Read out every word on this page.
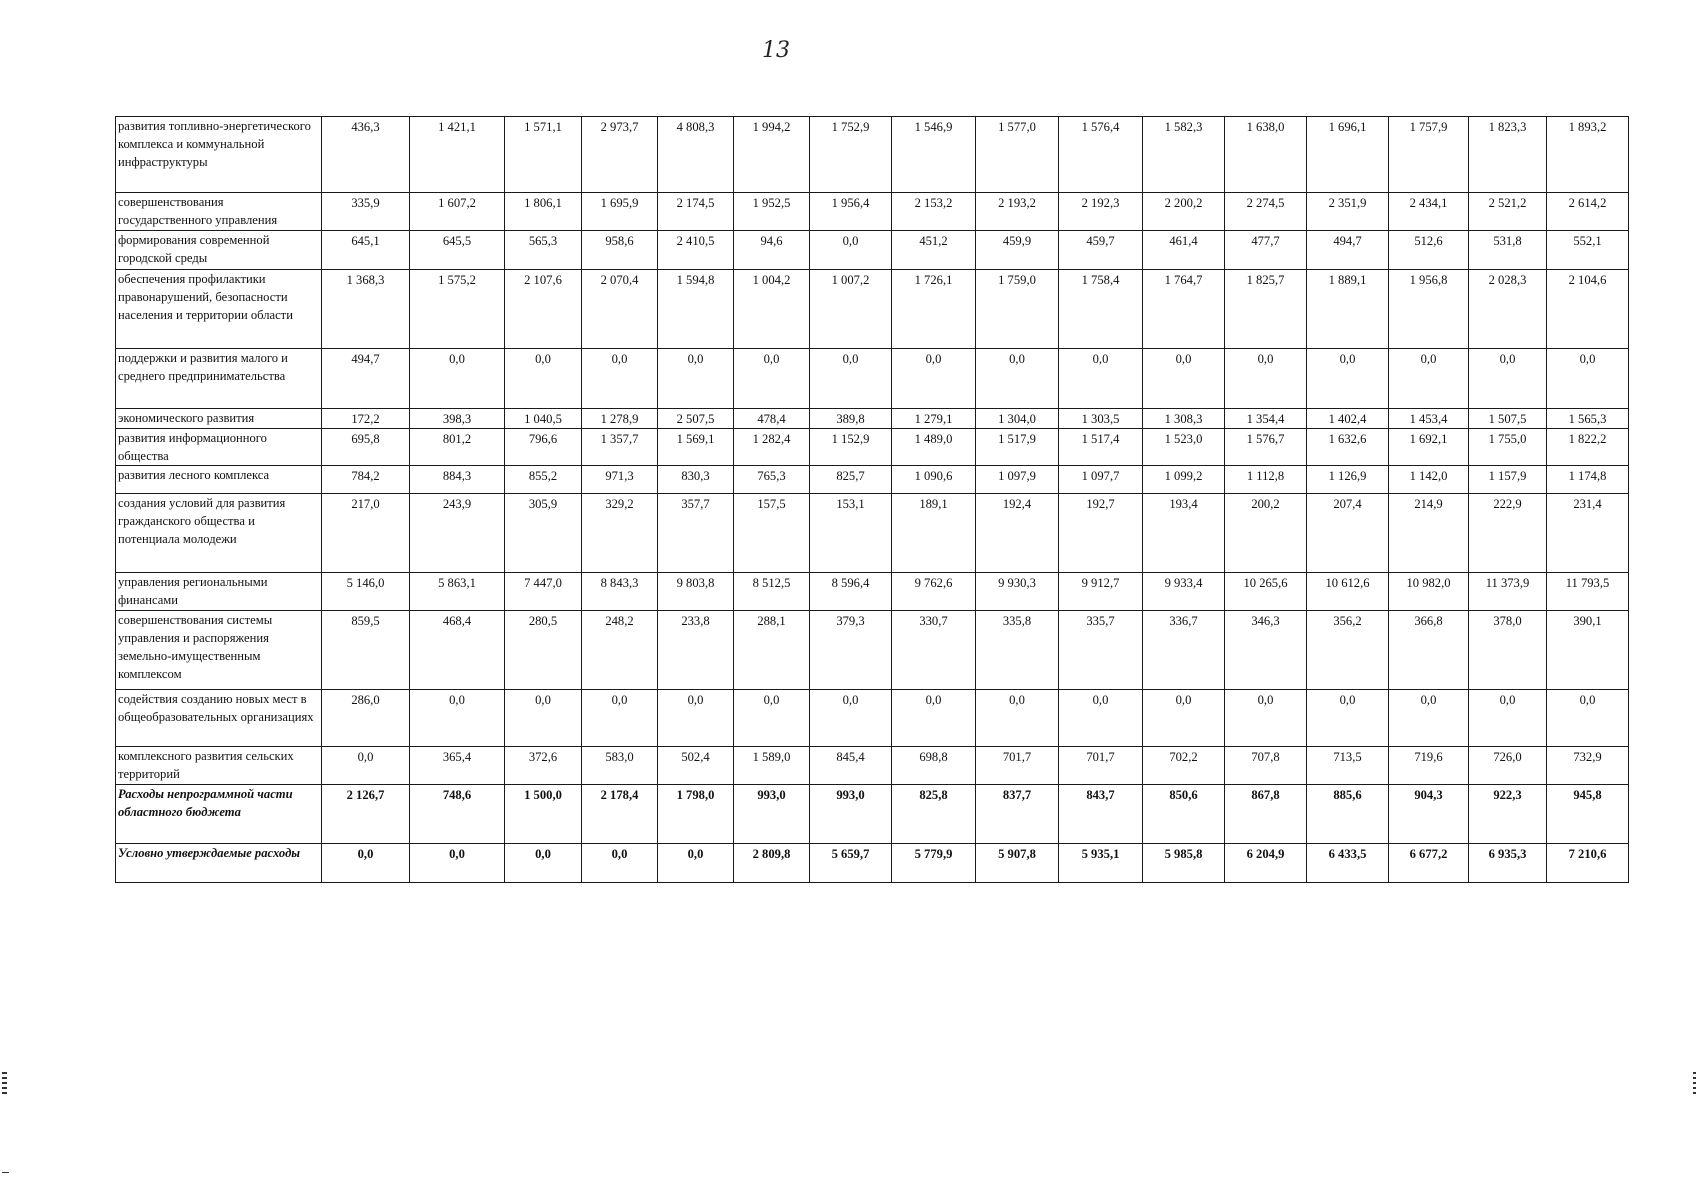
13
развития топливно-энергетического комплекса и коммунальной инфраструктуры	436,3	1 421,1	1 571,1	2 973,7	4 808,3	1 994,2	1 752,9	1 546,9	1 577,0	1 576,4	1 582,3	1 638,0	1 696,1	1 757,9	1 823,3	1 893,2
совершенствования государственного управления	335,9	1 607,2	1 806,1	1 695,9	2 174,5	1 952,5	1 956,4	2 153,2	2 193,2	2 192,3	2 200,2	2 274,5	2 351,9	2 434,1	2 521,2	2 614,2
формирования современной городской среды	645,1	645,5	565,3	958,6	2 410,5	94,6	0,0	451,2	459,9	459,7	461,4	477,7	494,7	512,6	531,8	552,1
обеспечения профилактики правонарушений, безопасности населения и территории области	1 368,3	1 575,2	2 107,6	2 070,4	1 594,8	1 004,2	1 007,2	1 726,1	1 759,0	1 758,4	1 764,7	1 825,7	1 889,1	1 956,8	2 028,3	2 104,6
поддержки и развития малого и среднего предпринимательства	494,7	0,0	0,0	0,0	0,0	0,0	0,0	0,0	0,0	0,0	0,0	0,0	0,0	0,0	0,0	0,0
экономического развития	172,2	398,3	1 040,5	1 278,9	2 507,5	478,4	389,8	1 279,1	1 304,0	1 303,5	1 308,3	1 354,4	1 402,4	1 453,4	1 507,5	1 565,3
развития информационного общества	695,8	801,2	796,6	1 357,7	1 569,1	1 282,4	1 152,9	1 489,0	1 517,9	1 517,4	1 523,0	1 576,7	1 632,6	1 692,1	1 755,0	1 822,2
развития лесного комплекса	784,2	884,3	855,2	971,3	830,3	765,3	825,7	1 090,6	1 097,9	1 097,7	1 099,2	1 112,8	1 126,9	1 142,0	1 157,9	1 174,8
создания условий для развития гражданского общества и потенциала молодежи	217,0	243,9	305,9	329,2	357,7	157,5	153,1	189,1	192,4	192,7	193,4	200,2	207,4	214,9	222,9	231,4
управления региональными финансами	5 146,0	5 863,1	7 447,0	8 843,3	9 803,8	8 512,5	8 596,4	9 762,6	9 930,3	9 912,7	9 933,4	10 265,6	10 612,6	10 982,0	11 373,9	11 793,5
совершенствования системы управления и распоряжения земельно-имущественным комплексом	859,5	468,4	280,5	248,2	233,8	288,1	379,3	330,7	335,8	335,7	336,7	346,3	356,2	366,8	378,0	390,1
содействия созданию новых мест в общеобразовательных организациях	286,0	0,0	0,0	0,0	0,0	0,0	0,0	0,0	0,0	0,0	0,0	0,0	0,0	0,0	0,0	0,0
комплексного развития сельских территорий	0,0	365,4	372,6	583,0	502,4	1 589,0	845,4	698,8	701,7	701,7	702,2	707,8	713,5	719,6	726,0	732,9
Расходы непрограммной части областного бюджета	2 126,7	748,6	1 500,0	2 178,4	1 798,0	993,0	993,0	825,8	837,7	843,7	850,6	867,8	885,6	904,3	922,3	945,8
Условно утверждаемые расходы	0,0	0,0	0,0	0,0	0,0	2 809,8	5 659,7	5 779,9	5 907,8	5 935,1	5 985,8	6 204,9	6 433,5	6 677,2	6 935,3	7 210,6
